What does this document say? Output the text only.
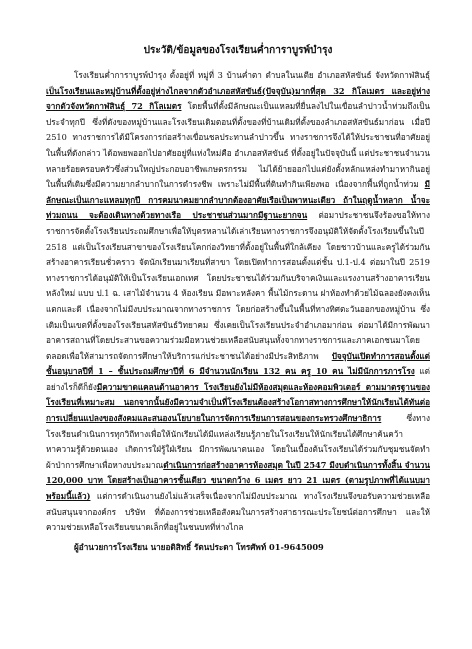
ประวัติ/ข้อมูลของโรงเรียนค่ำการาบูรพ์บำรุง

โรงเรียนค่ำการาบูรพ์บำรุง ตั้งอยู่ที่ หมู่ที่ 3 บ้านค่ำตา ตำบลในนเตีย อำเภอสหัสขันธ์ จังหวัดกาฬสินธุ์ เป็นโรงเรียนและหมู่บ้านที่ตั้งอยู่ห่างไกลจากตัวอำเภอสหัสขันธ์(ปัจจุบัน)มากที่สุด 32 กิโลเมตร และอยู่ห่างจากตัวจังหวัดกาฬสินธุ์ 72 กิโลเมตร โดยพื้นที่ตั้งมีลักษณะเป็นแหลมที่ยื่นลงไปในเขื่อนลำปาวน้ำท่วมถึงเป็นประจำทุกปี ซึ่งที่ดังของหมู่บ้านและโรงเรียนเดิมตอนที่ตั้งของที่บ้านเดิมที่ตั้งของลำเภอสหัสขันธ์มาก่อน เมื่อปี 2510 ทางราชการได้มีโครงการก่อสร้างเขื่อนชลประทานลำปาวขึ้น ทางราชการจึงได้ให้ประชาชนที่อาศัยอยู่ในพื้นที่ดังกล่าว ได้อพยพออกไปอาศัยอยู่ที่แห่งใหม่คือ อำเภอสหัสขันธ์ ที่ตั้งอยู่ในปัจจุบันนี้ แต่ประชาชนจำนวนหลายร้อยครอบครัวซึ่งส่วนใหญ่ประกอบอาชีพเกษตรกรรม ไม่ได้ย้ายออกไปแต่ยังตั้งหลักแหล่งทำมาหากินอยู่ในพื้นที่เดิมซึ่งมีความยากลำบากในการดำรงชีพ เพราะไม่มีพื้นที่ดินทำกินเพียงพอ เนื่องจากพื้นที่ถูกน้ำท่วม มีลักษณะเป็นเกาะแหลมทุกปี การคมนาคมยากลำบากต้องอาศัยเรือเป็นพาหนะเดียว ถ้าในฤดูน้ำหลาก น้ำจะท่วมถนน จะต้องเดินทางด้วยทางเรือ ประชาชนส่วนมากมีฐานะยากจน ต่อมาประชาชนจึงร้องขอให้ทางราชการจัดตั้งโรงเรียนประถมศึกษาเพื่อให้บุตรหลานได้เล่าเรียนทางราชการจึงอนุมัติให้จัดตั้งโรงเรียนขึ้นในปี 2518 แต่เป็นโรงเรียนสาขาของโรงเรียนโคกก่องวิทยาที่ตั้งอยู่ในพื้นที่ใกล้เคียง โดยชาวบ้านและครูได้ร่วมกันสร้างอาคารเรียนชั่วคราว จัดนักเรียนมาเรียนที่สาขา โดยเปิดทำการสอนตั้งแต่ชั้น ป.1-ป.4 ต่อมาในปี 2519 ทางราชการได้อนุมัติให้เป็นโรงเรียนเอกเทศ โดยประชาชนได้ร่วมกันบริจาคเงินและแรงงานสร้างอาคารเรียนหลังใหม่ แบบ ป.1 ฉ. เสาไม้จำนวน 4 ห้องเรียน มีอพาะหลังคา พื้นไม้กระดาน ฝาห้องทำด้วยไม้ฉลองยังคงเห็นแตกและดี เนื่องจากไม่มีงบประมาณจากทางราชการ โดยก่อสร้างขึ้นในพื้นที่ทางทิศตะวันออกของหมู่บ้าน ซึ่งเดิมเป็นเขตที่ตั้งของโรงเรียนสหัสขันธ์วิทยาคม ซึ่งเคยเป็นโรงเรียนประจำอำเภอมาก่อน ต่อมาได้มีการพัฒนาอาคารสถานที่โดยประสานขอความร่วมมือหวนช่วยเหลือสนับสนุนทั้งจากทางราชการและภาคเอกชนมาโดยตลอดเพื่อให้สามารถจัดการศึกษาให้บริการแก่ประชาชนได้อย่างมีประสิทธิภาพ ปัจจุบันเปิดทำการสอนตั้งแต่ชั้นอนุบาลปีที่ 1 – ชั้นประถมศึกษาปีที่ 6 มีจำนวนนักเรียน 132 คน ครู 10 คน ไม่มีนักการภารโรง แต่อย่างไรก็ดีก็ยังมีความขาดแคลนด้านอาคาร โรงเรียนยังไม่มีห้องสมุดและห้องคอมพิวเตอร์ ตามมาตรฐานของโรงเรียนที่เหมาะสม นอกจากนั้นยังมีความจำเป็นที่โรงเรียนต้องสร้างโอกาสทางการศึกษาให้นักเรียนได้ทันต่อการเปลี่ยนแปลงของสังคมและสนองนโยบายในการจัดการเรียนการสอนของกระทรวงศึกษาธิการ ซึ่งทางโรงเรียนดำเนินการทุกวิถีทางเพื่อให้นักเรียนได้มีแหล่งเรียนรู้ภายในโรงเรียนให้นักเรียนได้ศึกษาค้นคว้าหาความรู้ด้วยตนเอง เกิดการใฝ่รู้ใฝ่เรียน มีการพัฒนาตนเอง โดยในเบื้องต้นโรงเรียนได้ร่วมกับชุมชนจัดทำผ้าป่าการศึกษาเพื่อหางบประมาณดำเนินการก่อสร้างอาคารห้องสมุด ในปี 2547 มีงบดำเนินการทั้งสิ้น จำนวน 120,000 บาท โดยสร้างเป็นอาคารชั้นเดียว ขนาดกว้าง 6 เมตร ยาว 21 เมตร (ตามรูปภาพที่ได้แนบมาพร้อมนี้แล้ว) แต่การดำเนินงานยังไม่แล้วเสร็จเนื่องจากไม่มีงบประมาณ ทางโรงเรียนจึงขอรับความช่วยเหลือ สนับสนุนจากองค์กร บริษัท ที่ต้องการช่วยเหลือสังคมในการสร้างสาธารณะประโยชน์ต่อการศึกษา และให้ความช่วยเหลือโรงเรียนขนาดเล็กที่อยู่ในชนบทที่ห่างไกล

ผู้อำนวยการโรงเรียน นายอดิสิทธิ์ รัตนประดา โทรศัพท์ 01-9645009
